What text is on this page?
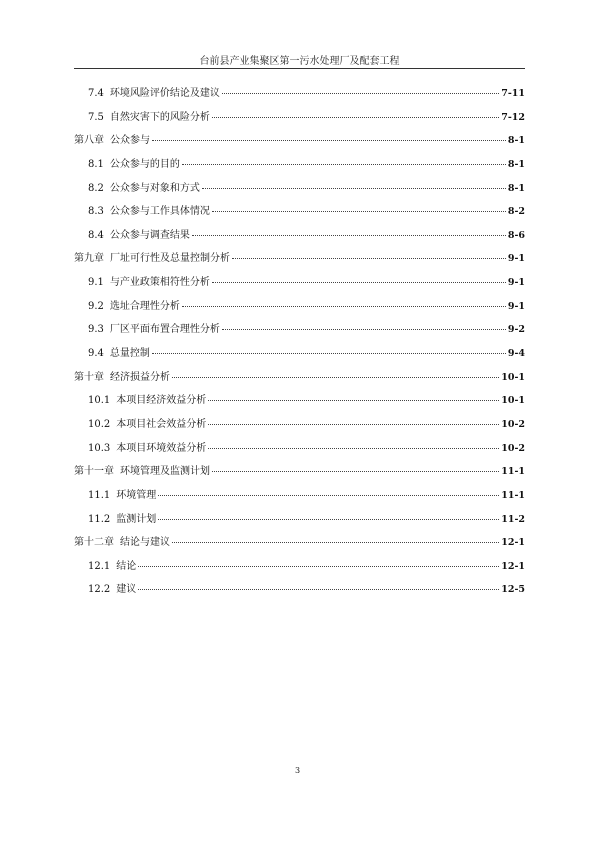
台前县产业集聚区第一污水处理厂及配套工程
7.4 环境风险评价结论及建议	7-11
7.5 自然灾害下的风险分析	7-12
第八章 公众参与	8-1
8.1 公众参与的目的	8-1
8.2 公众参与对象和方式	8-1
8.3 公众参与工作具体情况	8-2
8.4 公众参与调查结果	8-6
第九章 厂址可行性及总量控制分析	9-1
9.1 与产业政策相符性分析	9-1
9.2 选址合理性分析	9-1
9.3 厂区平面布置合理性分析	9-2
9.4 总量控制	9-4
第十章 经济损益分析	10-1
10.1 本项目经济效益分析	10-1
10.2 本项目社会效益分析	10-2
10.3 本项目环境效益分析	10-2
第十一章 环境管理及监测计划	11-1
11.1 环境管理	11-1
11.2 监测计划	11-2
第十二章 结论与建议	12-1
12.1 结论	12-1
12.2 建议	12-5
3
